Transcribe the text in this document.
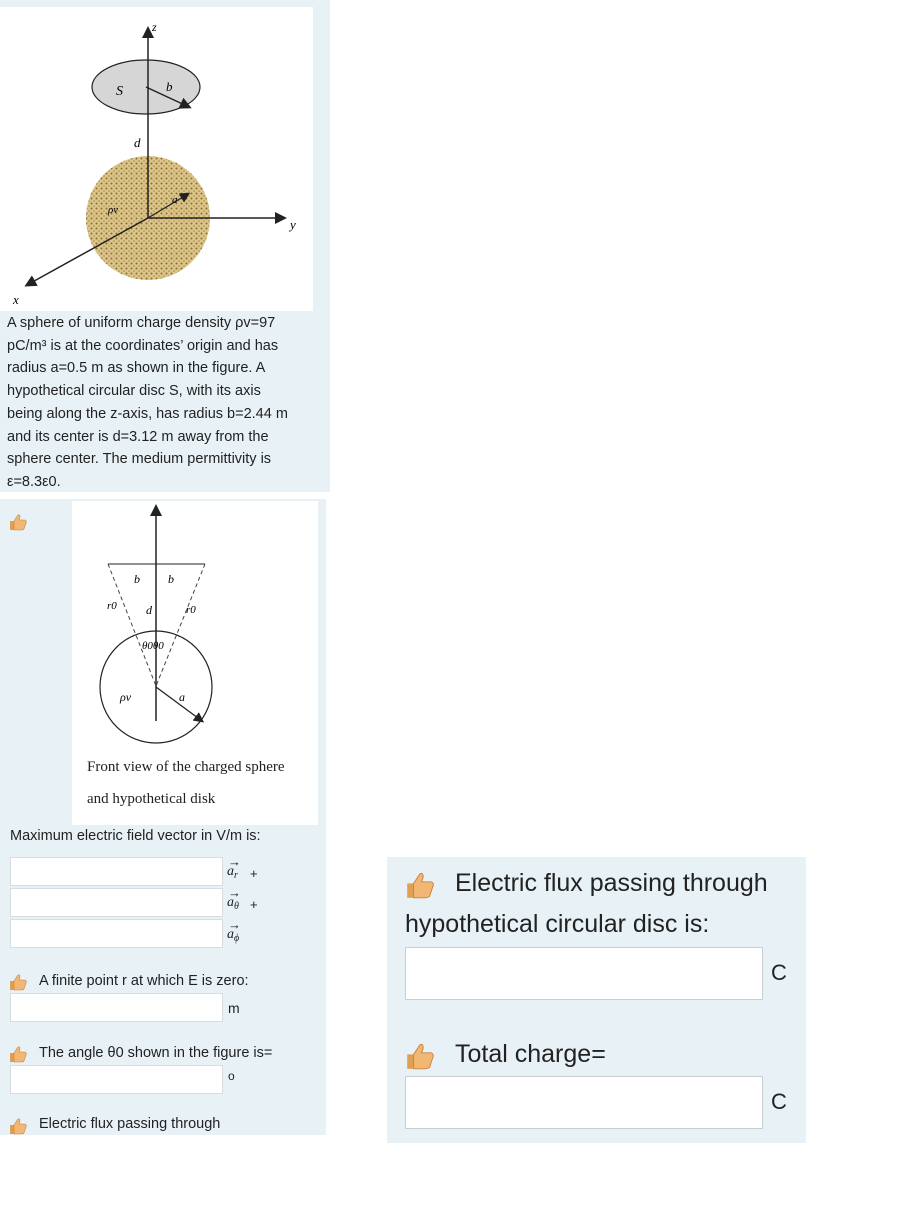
z
S	b
d
a
ρv
y
x
A sphere of uniform charge density ρv=97
pC/m³ is at the coordinates’ origin and has
radius a=0.5 m as shown in the figure. A
hypothetical circular disc S, with its axis
being along the z-axis, has radius b=2.44 m
and its center is d=3.12 m away from the
sphere center. The medium permittivity is
ε=8.3ε0.
b b
r0	r0
d
θ0θ0
ρv	a
Front view of the charged sphere
and hypothetical disk
Maximum electric field vector in V/m is:
→
$a_r$ +
→
$a_\theta$ +
→
$a_\phi$
A finite point r at which E is zero:
m
The angle θ0 shown in the figure is=
o
Electric flux passing through
Electric flux passing through
hypothetical circular disc is:
C
Total charge=
C
